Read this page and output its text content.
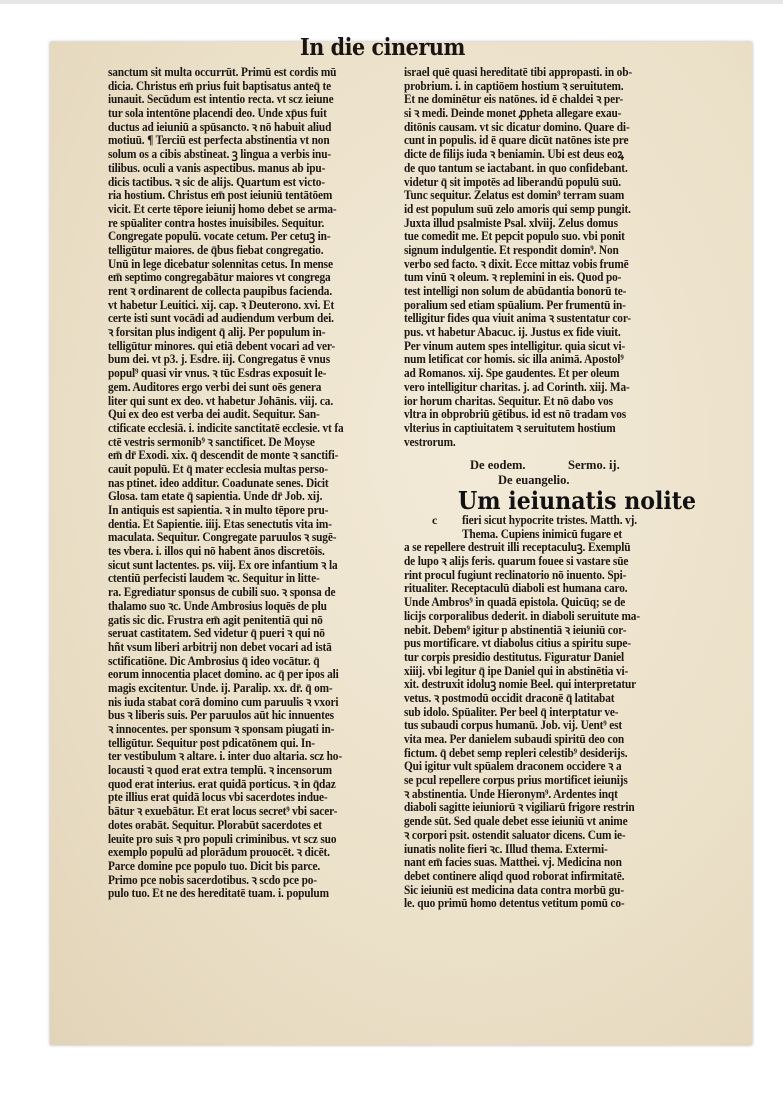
In die cinerum
sanctum sit multa occurrūt. Primū est cordis mū
dicia. Christus em̄ prius fuit baptisatus anteq̄ te
iunauit. Secūdum est intentio recta. vt scz ieiune
tur sola intentōne placendi deo. Unde xp̄us fuit
ductus ad ieiuniū a spūsancto. ꝛ nō habuit aliud
motiuū. ¶ Terciū est perfecta abstinentia vt non
solum os a cibis abstineat. ꝫ lingua a verbis inu-
tilibus. oculi a vanis aspectibus. manus ab ipu-
dicis tactibus. ꝛ sic de alijs. Quartum est victo-
ria hostium. Christus em̄ post ieiuniū tentātōem
vicit. Et certe tēpore ieiunij homo debet se arma-
re spūaliter contra hostes inuisibiles. Sequitur.
Congregate populū. vocate cetum. Per cetuꝫ in-
telligūtur maiores. de q̄bus fiebat congregatio.
Unū in lege dicebatur solennitas cetus. In mense
em̄ septimo congregabātur maiores vt congrega
rent ꝛ ordinarent de collecta paupibus facienda.
vt habetur Leuitici. xij. cap. ꝛ Deuterono. xvi. Et
certe isti sunt vocādi ad audiendum verbum dei.
ꝛ forsitan plus indigent q̄ alij. Per populum in-
telligūtur minores. qui etiā debent vocari ad ver-
bum dei. vt p3. j. Esdre. iij. Congregatus ē vnus
popul⁹ quasi vir vnus. ꝛ tūc Esdras exposuit le-
gem. Auditores ergo verbi dei sunt oēs genera
liter qui sunt ex deo. vt habetur Johānis. viij. ca.
Qui ex deo est verba dei audit. Sequitur. San-
ctificate ecclesiā. i. indicite sanctitatē ecclesie. vt fa
ctē vestris sermonib⁹ ꝛ sanctificet. De Moyse
em̄ dr̄ Exodi. xix. q̄ descendit de monte ꝛ sanctifi-
cauit populū. Et q̄ mater ecclesia multas perso-
nas ptinet. ideo additur. Coadunate senes. Dicit
Glosa. tam etate q̄ sapientia. Unde dr̄ Job. xij.
In antiquis est sapientia. ꝛ in multo tēpore pru-
dentia. Et Sapientie. iiij. Etas senectutis vita im-
maculata. Sequitur. Congregate paruulos ꝛ sugē-
tes vbera. i. illos qui nō habent ānos discretōis.
sicut sunt lactentes. ps. viij. Ex ore infantium ꝛ la
ctentiū perfecisti laudem ꝛc. Sequitur in litte-
ra. Egrediatur sponsus de cubili suo. ꝛ sponsa de
thalamo suo ꝛc. Unde Ambrosius loquēs de plu
gatis sic dic. Frustra em̄ agit penitentiā qui nō
seruat castitatem. Sed videtur q̄ pueri ꝛ qui nō
hñt vsum liberi arbitrij non debet vocari ad istā
sctificatiōne. Dic Ambrosius q̄ ideo vocātur. q̄
eorum innocentia placet domino. ac q̄ per ipos ali
magis excitentur. Unde. ij. Paralip. xx. dr̄. q̄ om-
nis iuda stabat corā domino cum paruulis ꝛ vxori
bus ꝛ liberis suis. Per paruulos aūt hic innuentes
ꝛ innocentes. per sponsum ꝛ sponsam piugati in-
telligūtur. Sequitur post pdicatōnem qui. In-
ter vestibulum ꝛ altare. i. inter duo altaria. scz ho-
locausti ꝛ quod erat extra templū. ꝛ incensorum
quod erat interius. erat quidā porticus. ꝛ in q̄daz
pte illius erat quidā locus vbi sacerdotes indue-
bātur ꝛ exuebātur. Et erat locus secret⁹ vbi sacer-
dotes orabāt. Sequitur. Plorabūt sacerdotes et
leuite pro suis ꝛ pro populi criminibus. vt scz suo
exemplo populū ad plorādum prouocēt. ꝛ dicēt.
Parce domine pce populo tuo. Dicit bis parce.
Primo pce nobis sacerdotibus. ꝛ scdo pce po-
pulo tuo. Et ne des hereditatē tuam. i. populum
israel quē quasi hereditatē tibi appropasti. in ob-
probrium. i. in captiōem hostium ꝛ seruitutem.
Et ne dominētur eis natōnes. id ē chaldei ꝛ per-
si ꝛ medi. Deinde monet ꝓpheta allegare exau-
ditōnis causam. vt sic dicatur domino. Quare di-
cunt in populis. id ē quare dicūt natōnes iste pre
dicte de filijs iuda ꝛ beniamin. Ubi est deus eoꝝ
de quo tantum se iactabant. in quo confidebant.
videtur q̄ sit impotēs ad liberandū populū suū.
Tunc sequitur. Zelatus est domin⁹ terram suam
id est populum suū zelo amoris qui semp pungit.
Juxta illud psalmiste Psal. xlviij. Zelus domus
tue comedit me. Et pepcit populo suo. vbi ponit
signum indulgentie. Et respondit domin⁹. Non
verbo sed facto. ꝛ dixit. Ecce mittaz vobis frumē
tum vinū ꝛ oleum. ꝛ replemini in eis. Quod po-
test intelligi non solum de abūdantia bonorū te-
poralium sed etiam spūalium. Per frumentū in-
telligitur fides qua viuit anima ꝛ sustentatur cor-
pus. vt habetur Abacuc. ij. Justus ex fide viuit.
Per vinum autem spes intelligitur. quia sicut vi-
num letificat cor homis. sic illa animā. Apostol⁹
ad Romanos. xij. Spe gaudentes. Et per oleum
vero intelligitur charitas. j. ad Corinth. xiij. Ma-
ior horum charitas. Sequitur. Et nō dabo vos
vltra in obprobriū gētibus. id est nō tradam vos
vlterius in captiuitatem ꝛ seruitutem hostium
vestrorum.
De eodem.	Sermo. ij.
De euangelio.
Um ieiunatis nolite
c fieri sicut hypocrite tristes. Matth. vj.
Thema. Cupiens inimicū fugare et
a se repellere destruit illi receptaculuꝫ. Exemplū
de lupo ꝛ alijs feris. quarum fouee si vastare sūe
rint procul fugiunt reclinatorio nō inuento. Spi-
ritualiter. Receptaculū diaboli est humana caro.
Unde Ambros⁹ in quadā epistola. Quicūq; se de
licijs corporalibus dederit. in diaboli seruitute ma-
nebit. Debem⁹ igitur p abstinentiā ꝛ ieiuniū cor-
pus mortificare. vt diabolus citius a spiritu supe-
tur corpis presidio destitutus. Figuratur Daniel
xiiij. vbi legitur q̄ ipe Daniel qui in abstinētia vi-
xit. destruxit idoluꝫ nomie Beel. qui interpretatur
vetus. ꝛ postmodū occidit draconē q̄ latitabat
sub idolo. Spūaliter. Per beel q̄ interptatur ve-
tus subaudi corpus humanū. Job. vij. Uent⁹ est
vita mea. Per danielem subaudi spiritū deo con
fictum. q̄ debet semp repleri celestib⁹ desiderijs.
Qui igitur vult spūalem draconem occidere ꝛ a
se pcul repellere corpus prius mortificet ieiunijs
ꝛ abstinentia. Unde Hieronym⁹. Ardentes inqt
diaboli sagitte ieiuniorū ꝛ vigiliarū frigore restrin
gende sūt. Sed quale debet esse ieiuniū vt anime
ꝛ corpori psit. ostendit saluator dicens. Cum ie-
iunatis nolite fieri ꝛc. Illud thema. Extermi-
nant em̄ facies suas. Matthei. vj. Medicina non
debet continere aliqd quod roborat infirmitatē.
Sic ieiuniū est medicina data contra morbū gu-
le. quo primū homo detentus vetitum pomū co-
